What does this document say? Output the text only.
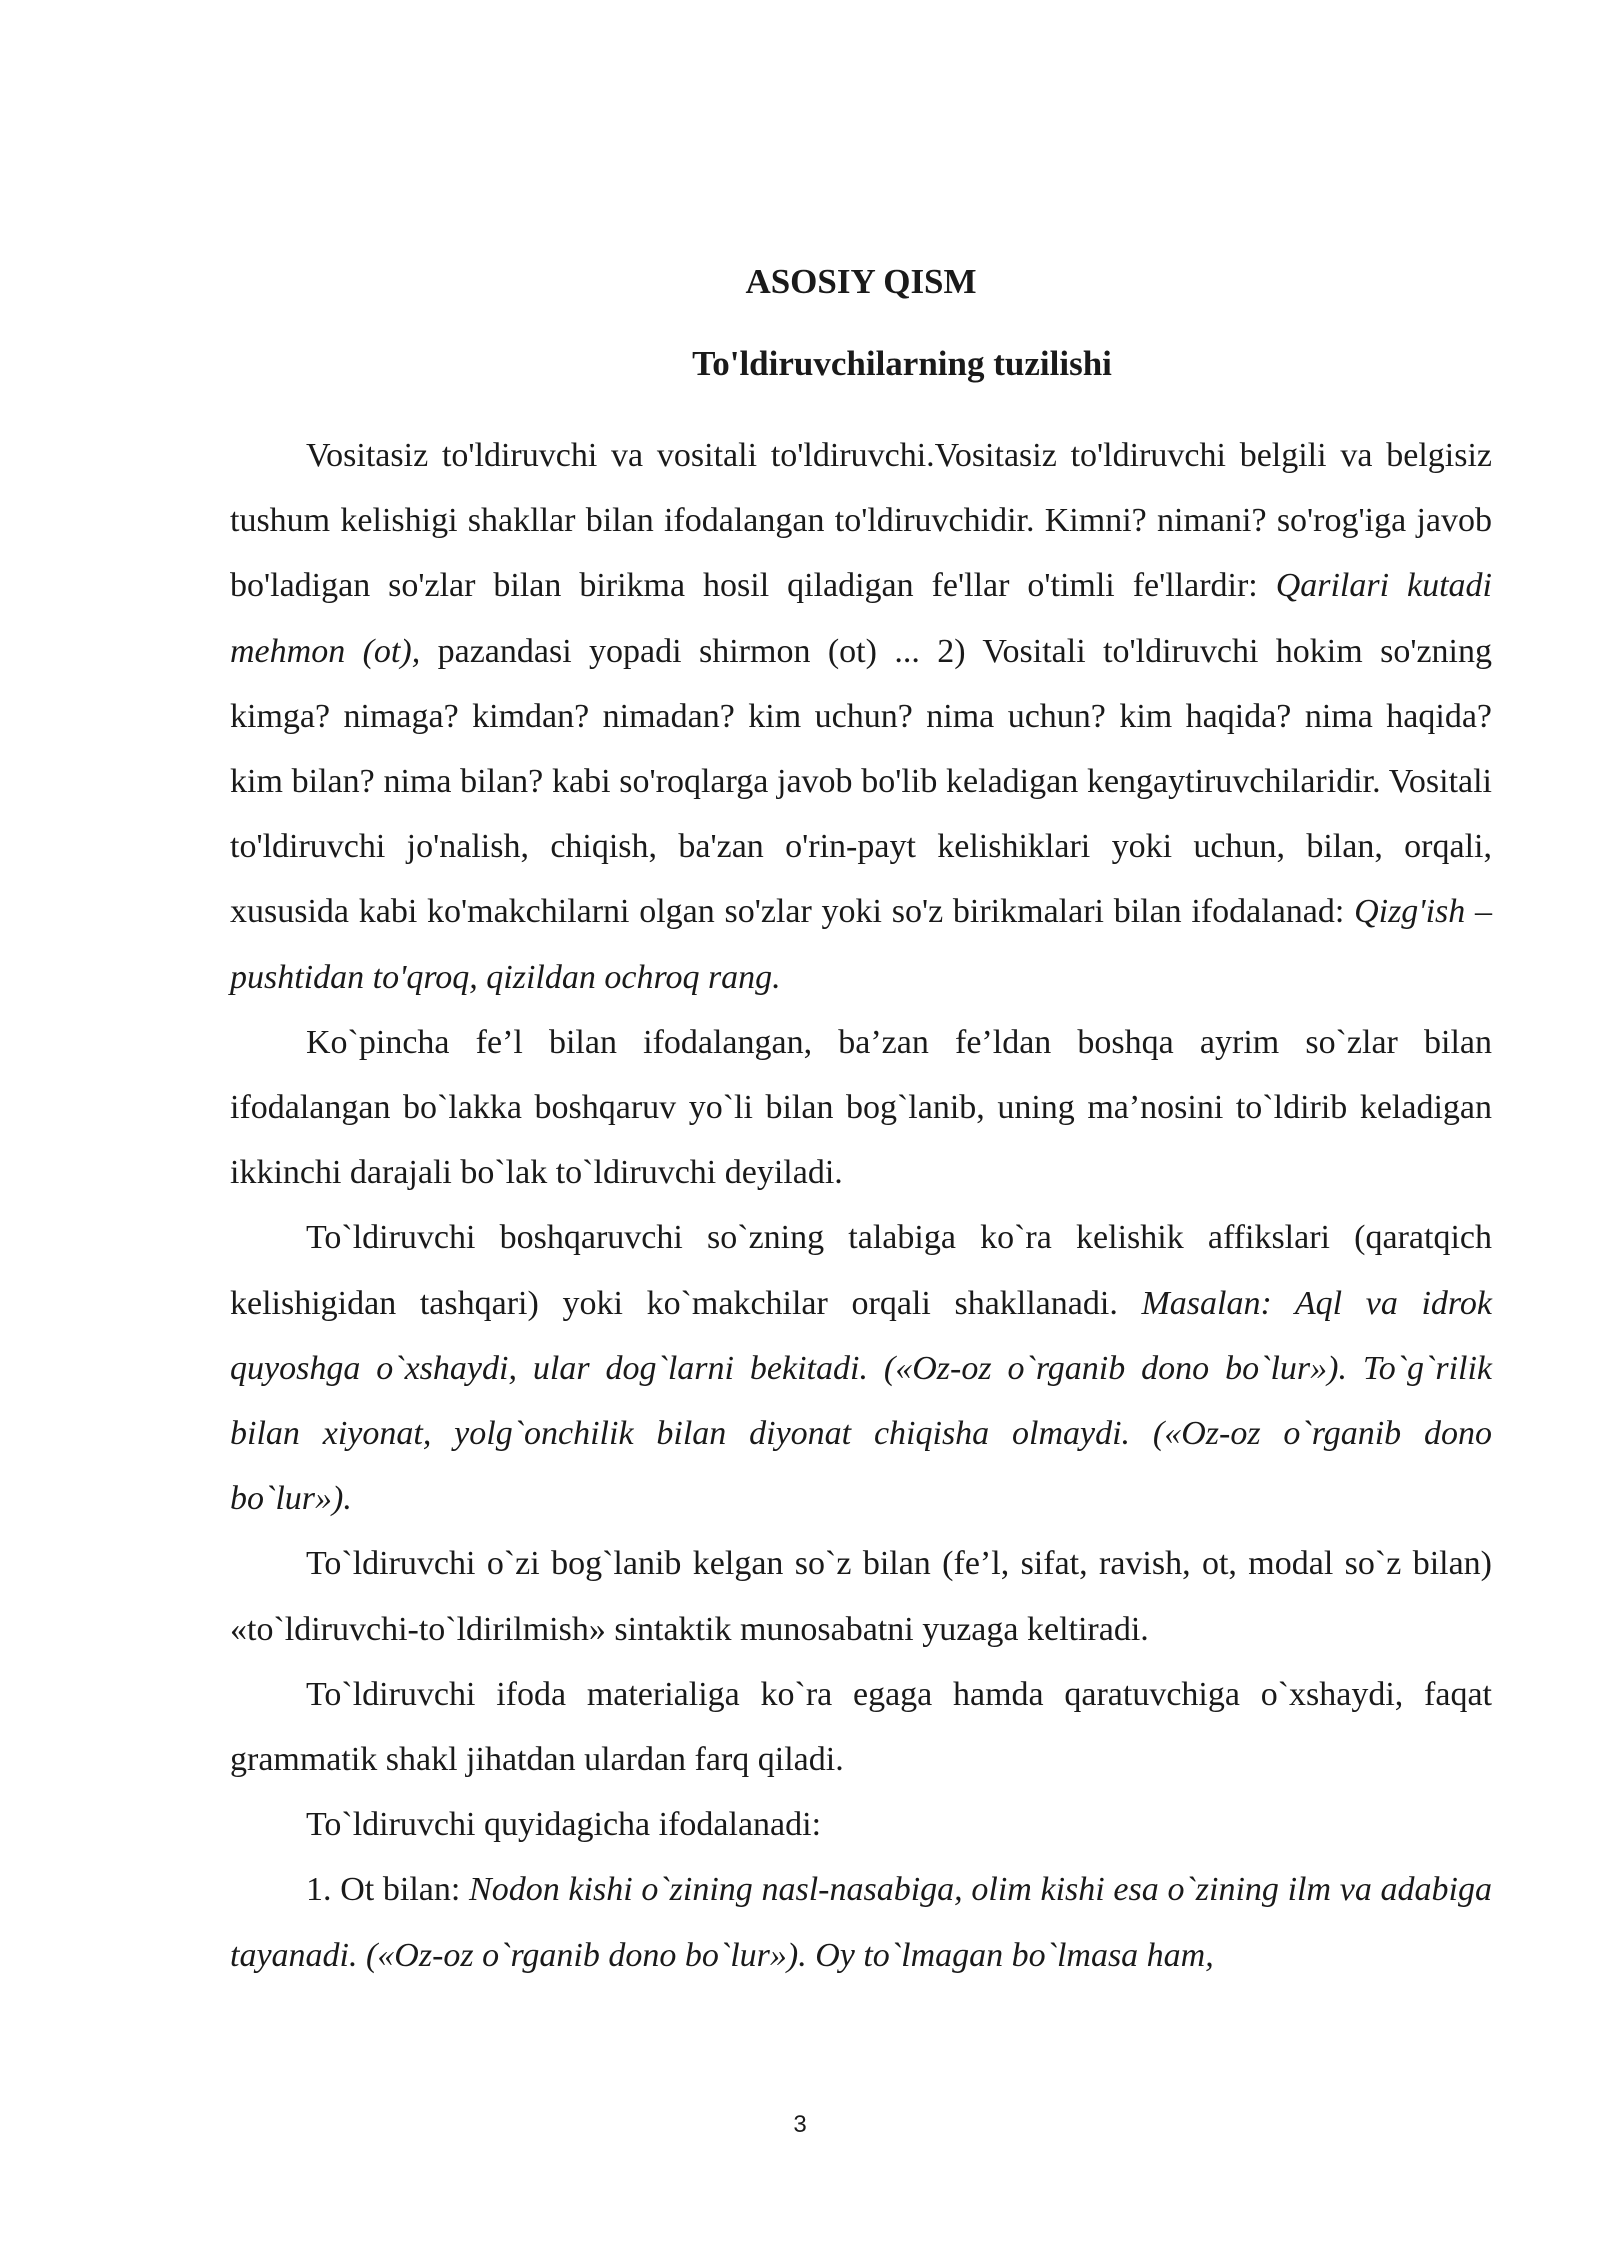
ASOSIY QISM
To'ldiruvchilarning tuzilishi

Vositasiz to'ldiruvchi va vositali to'ldiruvchi.Vositasiz to'ldiruvchi belgili va belgisiz tushum kelishigi shakllar bilan ifodalangan to'ldiruvchidir. Kimni? nimani? so'rog'iga javob bo'ladigan so'zlar bilan birikma hosil qiladigan fe'llar o'timli fe'llardir: Qarilari kutadi mehmon (ot), pazandasi yopadi shirmon (ot) ... 2) Vositali to'ldiruvchi hokim so'zning kimga? nimaga? kimdan? nimadan? kim uchun? nima uchun? kim haqida? nima haqida? kim bilan? nima bilan? kabi so'roqlarga javob bo'lib keladigan kengaytiruvchilaridir. Vositali to'ldiruvchi jo'nalish, chiqish, ba'zan o'rin-payt kelishiklari yoki uchun, bilan, orqali, xususida kabi ko'makchilarni olgan so'zlar yoki so'z birikmalari bilan ifodalanad: Qizg'ish – pushtidan to'qroq, qizildan ochroq rang.

Ko`pincha fe’l bilan ifodalangan, ba’zan fe’ldan boshqa ayrim so`zlar bilan ifodalangan bo`lakka boshqaruv yo`li bilan bog`lanib, uning ma’nosini to`ldirib keladigan ikkinchi darajali bo`lak to`ldiruvchi deyiladi.

To`ldiruvchi boshqaruvchi so`zning talabiga ko`ra kelishik affikslari (qaratqich kelishigidan tashqari) yoki ko`makchilar orqali shakllanadi. Masalan: Aql va idrok quyoshga o`xshaydi, ular dog`larni bekitadi. («Oz-oz o`rganib dono bo`lur»). To`g`rilik bilan xiyonat, yolg`onchilik bilan diyonat chiqisha olmaydi. («Oz-oz o`rganib dono bo`lur»).

To`ldiruvchi o`zi bog`lanib kelgan so`z bilan (fe’l, sifat, ravish, ot, modal so`z bilan) «to`ldiruvchi-to`ldirilmish» sintaktik munosabatni yuzaga keltiradi.

To`ldiruvchi ifoda materialiga ko`ra egaga hamda qaratuvchiga o`xshaydi, faqat grammatik shakl jihatdan ulardan farq qiladi.

To`ldiruvchi quyidagicha ifodalanadi:

1. Ot bilan: Nodon kishi o`zining nasl-nasabiga, olim kishi esa o`zining ilm va adabiga tayanadi. («Oz-oz o`rganib dono bo`lur»). Oy to`lmagan bo`lmasa ham,

3
